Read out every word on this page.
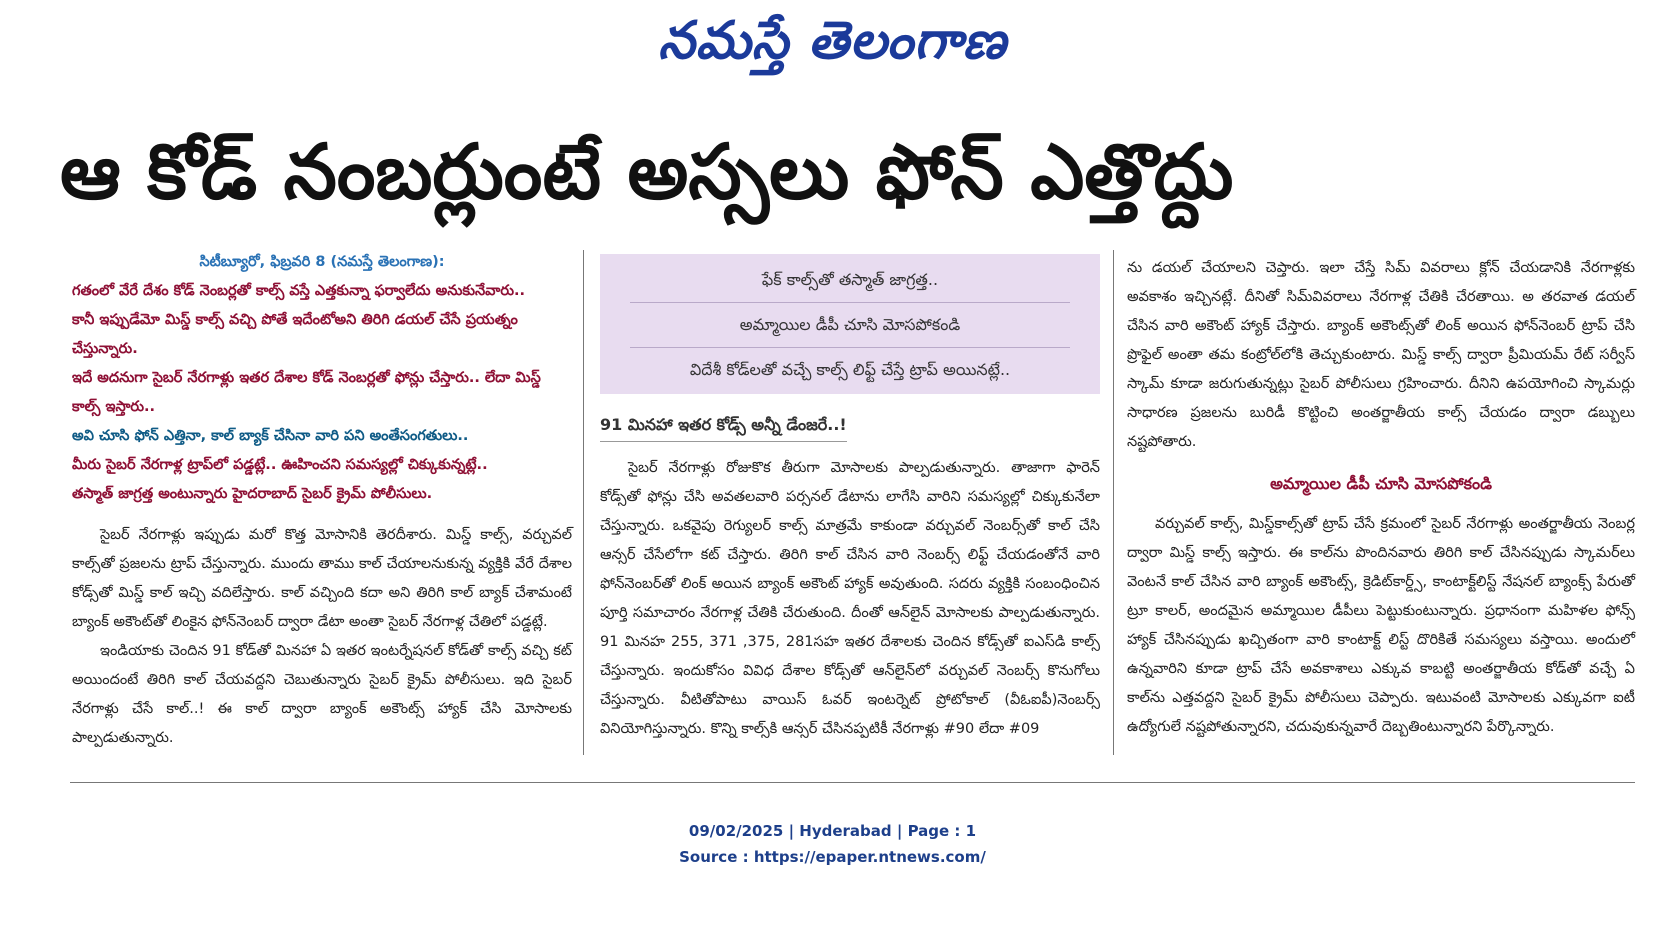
నమస్తే తెలంగాణ
ఆ కోడ్ నంబర్లుంటే అస్సలు ఫోన్ ఎత్తొద్దు

సిటీబ్యూరో, ఫిబ్రవరి 8 (నమస్తే తెలంగాణ):

గతంలో వేరే దేశం కోడ్ నెంబర్లతో కాల్స్ వస్తే ఎత్తకున్నా ఫర్వాలేదు అనుకునేవారు..

కానీ ఇప్పుడేమో మిస్డ్ కాల్స్ వచ్చి పోతే ఇదేంటోఅని తిరిగి డయల్ చేసే ప్రయత్నం చేస్తున్నారు.

ఇదే అదనుగా సైబర్ నేరగాళ్లు ఇతర దేశాల కోడ్ నెంబర్లతో ఫోన్లు చేస్తారు.. లేదా మిస్డ్ కాల్స్ ఇస్తారు..

అవి చూసి ఫోన్ ఎత్తినా, కాల్ బ్యాక్ చేసినా వారి పని అంతేసంగతులు..

మీరు సైబర్ నేరగాళ్ల ట్రాప్‌లో పడ్డట్లే.. ఊహించని సమస్యల్లో చిక్కుకున్నట్లే..

తస్మాత్ జాగ్రత్త అంటున్నారు హైదరాబాద్ సైబర్ క్రైమ్ పోలీసులు.

సైబర్ నేరగాళ్లు ఇప్పుడు మరో కొత్త మోసానికి తెరదీశారు. మిస్డ్ కాల్స్, వర్చువల్ కాల్స్‌తో ప్రజలను ట్రాప్ చేస్తున్నారు. ముందు తాము కాల్ చేయాలనుకున్న వ్యక్తికి వేరే దేశాల కోడ్స్‌తో మిస్డ్ కాల్ ఇచ్చి వదిలేస్తారు. కాల్ వచ్చింది కదా అని తిరిగి కాల్ బ్యాక్ చేశామంటే బ్యాంక్ అకౌంట్‌తో లింకైన ఫోన్‌నెంబర్ ద్వారా డేటా అంతా సైబర్ నేరగాళ్ల చేతిలో పడ్డట్లే.

ఇండియాకు చెందిన 91 కోడ్‌తో మినహా ఏ ఇతర ఇంటర్నేషనల్ కోడ్‌తో కాల్స్ వచ్చి కట్ అయిందంటే తిరిగి కాల్ చేయవద్దని చెబుతున్నారు సైబర్ క్రైమ్ పోలీసులు. ఇది సైబర్ నేరగాళ్లు చేసే కాల్..! ఈ కాల్ ద్వారా బ్యాంక్ అకౌంట్స్ హ్యాక్ చేసి మోసాలకు పాల్పడుతున్నారు.

ఫేక్ కాల్స్‌తో తస్మాత్ జాగ్రత్త..

అమ్మాయిల డీపీ చూసి మోసపోకండి

విదేశీ కోడ్‌లతో వచ్చే కాల్స్ లిఫ్ట్ చేస్తే ట్రాప్ అయినట్లే..

91 మినహా ఇతర కోడ్స్ అన్నీ డేంజరే..!

సైబర్ నేరగాళ్లు రోజుకొక తీరుగా మోసాలకు పాల్పడుతున్నారు. తాజాగా ఫారెన్ కోడ్స్‌తో ఫోన్లు చేసి అవతలవారి పర్సనల్ డేటాను లాగేసి వారిని సమస్యల్లో చిక్కుకునేలా చేస్తున్నారు. ఒకవైపు రెగ్యులర్ కాల్స్ మాత్రమే కాకుండా వర్చువల్ నెంబర్స్‌తో కాల్ చేసి ఆన్సర్ చేసేలోగా కట్ చేస్తారు. తిరిగి కాల్ చేసిన వారి నెంబర్స్ లిఫ్ట్ చేయడంతోనే వారి ఫోన్‌నెంబర్‌తో లింక్ అయిన బ్యాంక్ అకౌంట్ హ్యాక్ అవుతుంది. సదరు వ్యక్తికి సంబంధించిన పూర్తి సమాచారం నేరగాళ్ల చేతికి చేరుతుంది. దీంతో ఆన్‌లైన్ మోసాలకు పాల్పడుతున్నారు. 91 మినహ 255, 371 ,375, 281సహ ఇతర దేశాలకు చెందిన కోడ్స్‌తో ఐఎస్‌డి కాల్స్ చేస్తున్నారు. ఇందుకోసం వివిధ దేశాల కోడ్స్‌తో ఆన్‌లైన్‌లో వర్చువల్ నెంబర్స్ కొనుగోలు చేస్తున్నారు. వీటితోపాటు వాయిస్ ఓవర్ ఇంటర్నెట్ ప్రోటోకాల్ (వీఓఐపీ)నెంబర్స్ వినియోగిస్తున్నారు. కొన్ని కాల్స్‌కి ఆన్సర్ చేసినప్పటికీ నేరగాళ్లు #90 లేదా #09

ను డయల్ చేయాలని చెప్తారు. ఇలా చేస్తే సిమ్ వివరాలు క్లోన్ చేయడానికి నేరగాళ్లకు అవకాశం ఇచ్చినట్లే. దీనితో సిమ్‌వివరాలు నేరగాళ్ల చేతికి చేరతాయి. అ తరవాత డయల్ చేసిన వారి అకౌంట్ హ్యాక్ చేస్తారు. బ్యాంక్ అకౌంట్స్‌తో లింక్ అయిన ఫోన్‌నెంబర్ ట్రాప్ చేసి ప్రొఫైల్ అంతా తమ కంట్రోల్‌లోకి తెచ్చుకుంటారు. మిస్డ్ కాల్స్ ద్వారా ప్రీమియమ్ రేట్ సర్వీస్ స్కామ్ కూడా జరుగుతున్నట్లు సైబర్ పోలీసులు గ్రహించారు. దీనిని ఉపయోగించి స్కామర్లు సాధారణ ప్రజలను బురిడీ కొట్టించి అంతర్జాతీయ కాల్స్ చేయడం ద్వారా డబ్బులు నష్టపోతారు.

అమ్మాయిల డీపీ చూసి మోసపోకండి

వర్చువల్ కాల్స్, మిస్డ్‌కాల్స్‌తో ట్రాప్ చేసే క్రమంలో సైబర్ నేరగాళ్లు అంతర్జాతీయ నెంబర్ల ద్వారా మిస్డ్ కాల్స్ ఇస్తారు. ఈ కాల్‌ను పొందినవారు తిరిగి కాల్ చేసినప్పుడు స్కామర్‌లు వెంటనే కాల్ చేసిన వారి బ్యాంక్ అకౌంట్స్, క్రెడిట్‌కార్డ్స్, కాంటాక్ట్‌లిస్ట్ నేషనల్ బ్యాంక్స్ పేరుతో ట్రూ కాలర్, అందమైన అమ్మాయిల డీపీలు పెట్టుకుంటున్నారు. ప్రధానంగా మహిళల ఫోన్స్ హ్యాక్ చేసినప్పుడు ఖచ్చితంగా వారి కాంటాక్ట్ లిస్ట్ దొరికితే సమస్యలు వస్తాయి. అందులో ఉన్నవారిని కూడా ట్రాప్ చేసే అవకాశాలు ఎక్కువ కాబట్టి అంతర్జాతీయ కోడ్‌తో వచ్చే ఏ కాల్‌ను ఎత్తవద్దని సైబర్ క్రైమ్ పోలీసులు చెప్పారు. ఇటువంటి మోసాలకు ఎక్కువగా ఐటీ ఉద్యోగులే నష్టపోతున్నారని, చదువుకున్నవారే దెబ్బతింటున్నారని పేర్కొన్నారు.

09/02/2025 | Hyderabad | Page : 1
Source : https://epaper.ntnews.com/
